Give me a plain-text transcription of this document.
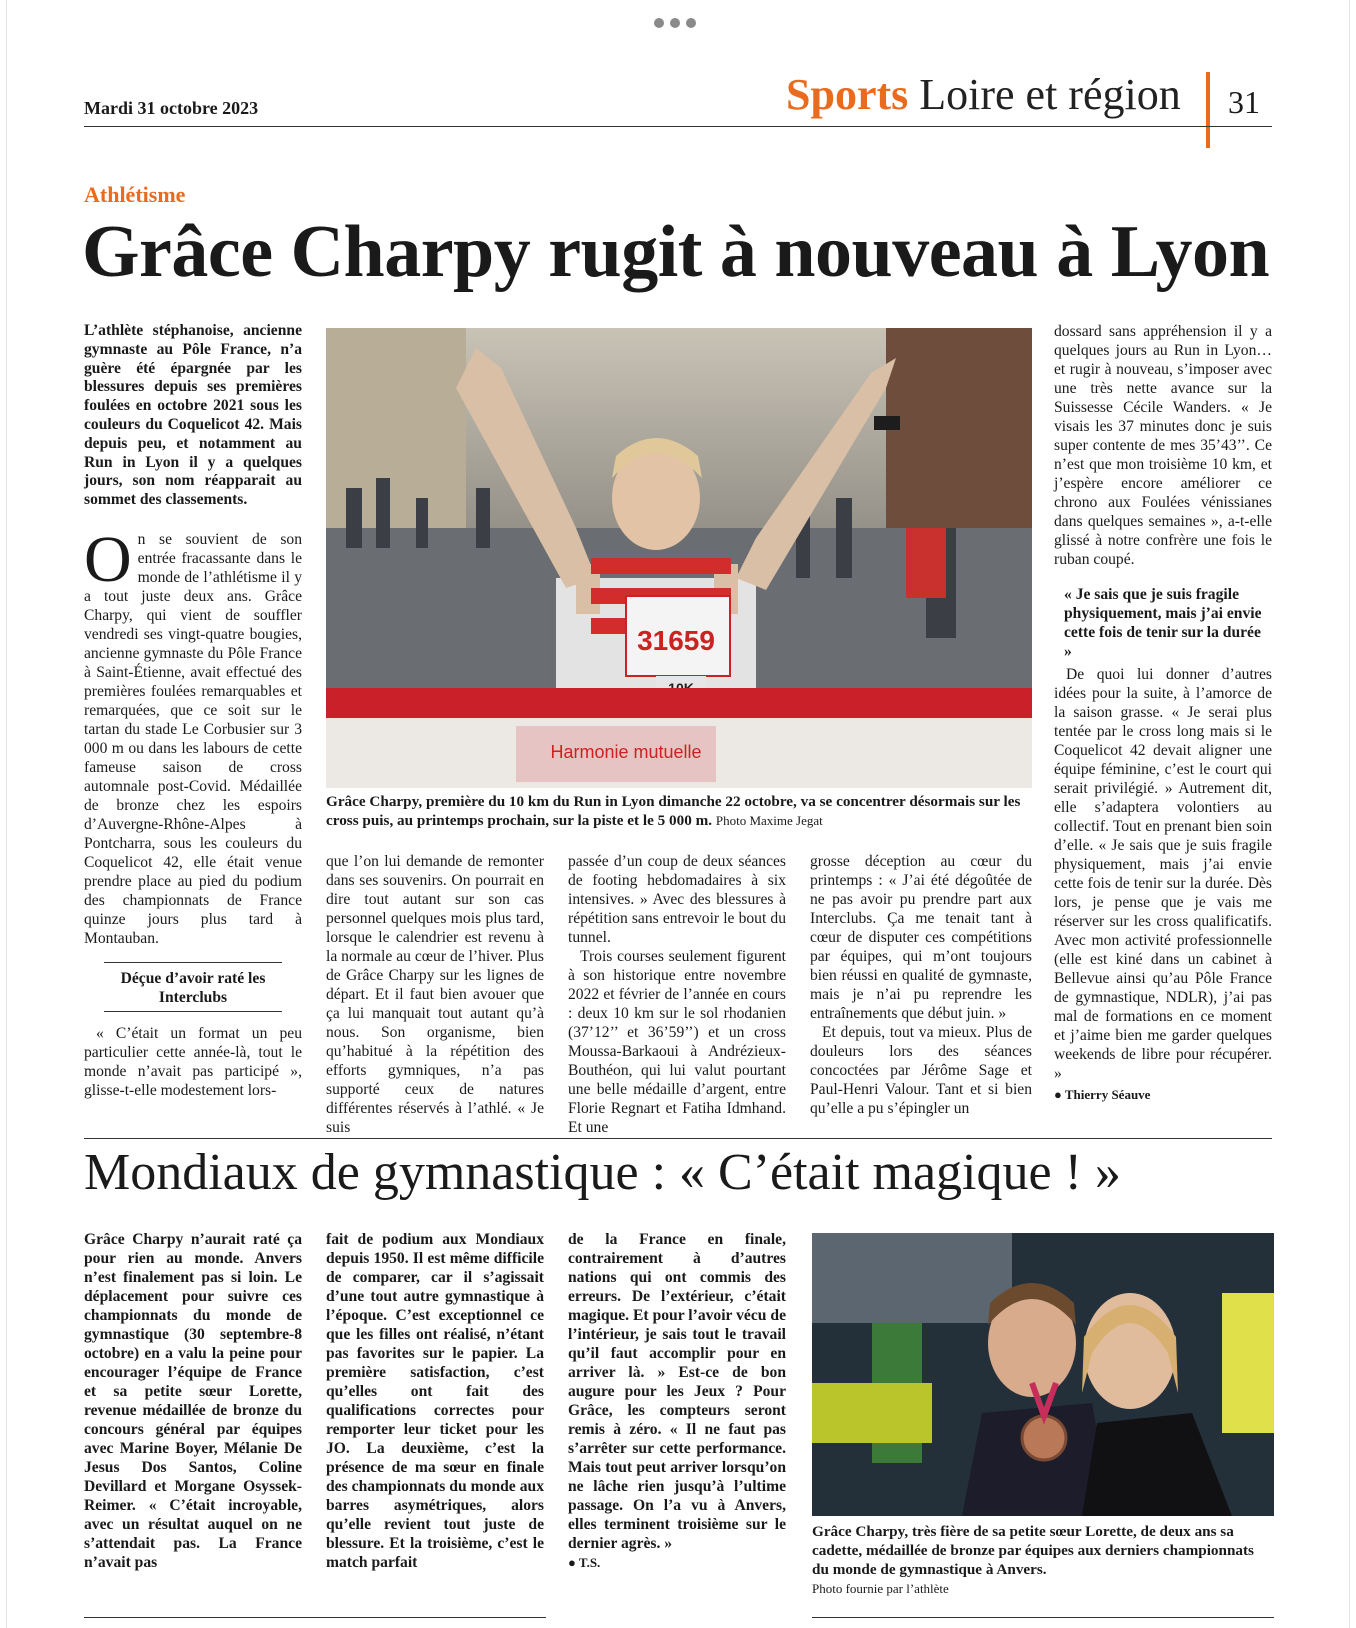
Mardi 31 octobre 2023	Sports Loire et région 31
Athlétisme
Grâce Charpy rugit à nouveau à Lyon

L’athlète stéphanoise, ancienne gymnaste au Pôle France, n’a guère été épargnée par les blessures depuis ses premières foulées en octobre 2021 sous les couleurs du Coquelicot 42. Mais depuis peu, et notamment au Run in Lyon il y a quelques jours, son nom réapparait au sommet des classements.

On se souvient de son entrée fracassante dans le monde de l’athlétisme il y a tout juste deux ans. Grâce Charpy, qui vient de souffler vendredi ses vingt-quatre bougies, ancienne gymnaste du Pôle France à Saint-Étienne, avait effectué des premières foulées remarquables et remarquées, que ce soit sur le tartan du stade Le Corbusier sur 3 000 m ou dans les labours de cette fameuse saison de cross automnale post-Covid. Médaillée de bronze chez les espoirs d’Auvergne-Rhône-Alpes à Pontcharra, sous les couleurs du Coquelicot 42, elle était venue prendre place au pied du podium des championnats de France quinze jours plus tard à Montauban.

Déçue d’avoir raté les Interclubs

« C’était un format un peu particulier cette année-là, tout le monde n’avait pas participé », glisse-t-elle modestement lors-

31659
Harmonie mutuelle
Grâce Charpy, première du 10 km du Run in Lyon dimanche 22 octobre, va se concentrer désormais sur les cross puis, au printemps prochain, sur la piste et le 5 000 m. Photo Maxime Jegat

que l’on lui demande de remonter dans ses souvenirs. On pourrait en dire tout autant sur son cas personnel quelques mois plus tard, lorsque le calendrier est revenu à la normale au cœur de l’hiver. Plus de Grâce Charpy sur les lignes de départ. Et il faut bien avouer que ça lui manquait tout autant qu’à nous. Son organisme, bien qu’habitué à la répétition des efforts gymniques, n’a pas supporté ceux de natures différentes réservés à l’athlé. « Je suis

passée d’un coup de deux séances de footing hebdomadaires à six intensives. » Avec des blessures à répétition sans entrevoir le bout du tunnel.

Trois courses seulement figurent à son historique entre novembre 2022 et février de l’année en cours : deux 10 km sur le sol rhodanien (37’12’’ et 36’59’’) et un cross Moussa-Barkaoui à Andrézieux-Bouthéon, qui lui valut pourtant une belle médaille d’argent, entre Florie Regnart et Fatiha Idmhand. Et une

grosse déception au cœur du printemps : « J’ai été dégoûtée de ne pas avoir pu prendre part aux Interclubs. Ça me tenait tant à cœur de disputer ces compétitions par équipes, qui m’ont toujours bien réussi en qualité de gymnaste, mais je n’ai pu reprendre les entraînements que début juin. »

Et depuis, tout va mieux. Plus de douleurs lors des séances concoctées par Jérôme Sage et Paul-Henri Valour. Tant et si bien qu’elle a pu s’épingler un

dossard sans appréhension il y a quelques jours au Run in Lyon… et rugir à nouveau, s’imposer avec une très nette avance sur la Suissesse Cécile Wanders. « Je visais les 37 minutes donc je suis super contente de mes 35’43’’. Ce n’est que mon troisième 10 km, et j’espère encore améliorer ce chrono aux Foulées vénissianes dans quelques semaines », a-t-elle glissé à notre confrère une fois le ruban coupé.

« Je sais que je suis fragile physiquement, mais j’ai envie cette fois de tenir sur la durée »

De quoi lui donner d’autres idées pour la suite, à l’amorce de la saison grasse. « Je serai plus tentée par le cross long mais si le Coquelicot 42 devait aligner une équipe féminine, c’est le court qui serait privilégié. » Autrement dit, elle s’adaptera volontiers au collectif. Tout en prenant bien soin d’elle. « Je sais que je suis fragile physiquement, mais j’ai envie cette fois de tenir sur la durée. Dès lors, je pense que je vais me réserver sur les cross qualificatifs. Avec mon activité professionnelle (elle est kiné dans un cabinet à Bellevue ainsi qu’au Pôle France de gymnastique, NDLR), j’ai pas mal de formations en ce moment et j’aime bien me garder quelques weekends de libre pour récupérer. »

● Thierry Séauve

Mondiaux de gymnastique : « C’était magique ! »

Grâce Charpy n’aurait raté ça pour rien au monde. Anvers n’est finalement pas si loin. Le déplacement pour suivre ces championnats du monde de gymnastique (30 septembre-8 octobre) en a valu la peine pour encourager l’équipe de France et sa petite sœur Lorette, revenue médaillée de bronze du concours général par équipes avec Marine Boyer, Mélanie De Jesus Dos Santos, Coline Devillard et Morgane Osyssek-Reimer. « C’était incroyable, avec un résultat auquel on ne s’attendait pas. La France n’avait pas

fait de podium aux Mondiaux depuis 1950. Il est même difficile de comparer, car il s’agissait d’une tout autre gymnastique à l’époque. C’est exceptionnel ce que les filles ont réalisé, n’étant pas favorites sur le papier. La première satisfaction, c’est qu’elles ont fait des qualifications correctes pour remporter leur ticket pour les JO. La deuxième, c’est la présence de ma sœur en finale des championnats du monde aux barres asymétriques, alors qu’elle revient tout juste de blessure. Et la troisième, c’est le match parfait

de la France en finale, contrairement à d’autres nations qui ont commis des erreurs. De l’extérieur, c’était magique. Et pour l’avoir vécu de l’intérieur, je sais tout le travail qu’il faut accomplir pour en arriver là. » Est-ce de bon augure pour les Jeux ? Pour Grâce, les compteurs seront remis à zéro. « Il ne faut pas s’arrêter sur cette performance. Mais tout peut arriver lorsqu’on ne lâche rien jusqu’à l’ultime passage. On l’a vu à Anvers, elles terminent troisième sur le dernier agrès. »

● T.S.

Grâce Charpy, très fière de sa petite sœur Lorette, de deux ans sa cadette, médaillée de bronze par équipes aux derniers championnats du monde de gymnastique à Anvers.

Photo fournie par l’athlète
